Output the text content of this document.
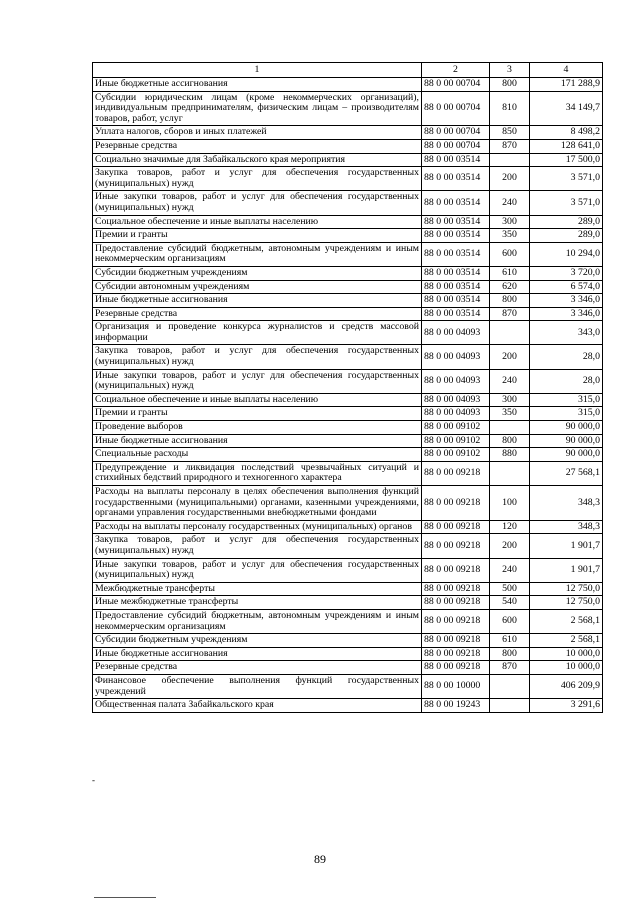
1	2	3	4
Иные бюджетные ассигнования	88 0 00 00704	800	171 288,9
Субсидии юридическим лицам (кроме некоммерческих организаций), индивидуальным предпринимателям, физическим лицам – производителям товаров, работ, услуг	88 0 00 00704	810	34 149,7
Уплата налогов, сборов и иных платежей	88 0 00 00704	850	8 498,2
Резервные средства	88 0 00 00704	870	128 641,0
Социально значимые для Забайкальского края мероприятия	88 0 00 03514		17 500,0
Закупка товаров, работ и услуг для обеспечения государственных (муниципальных) нужд	88 0 00 03514	200	3 571,0
Иные закупки товаров, работ и услуг для обеспечения государственных (муниципальных) нужд	88 0 00 03514	240	3 571,0
Социальное обеспечение и иные выплаты населению	88 0 00 03514	300	289,0
Премии и гранты	88 0 00 03514	350	289,0
Предоставление субсидий бюджетным, автономным учреждениям и иным некоммерческим организациям	88 0 00 03514	600	10 294,0
Субсидии бюджетным учреждениям	88 0 00 03514	610	3 720,0
Субсидии автономным учреждениям	88 0 00 03514	620	6 574,0
Иные бюджетные ассигнования	88 0 00 03514	800	3 346,0
Резервные средства	88 0 00 03514	870	3 346,0
Организация и проведение конкурса журналистов и средств массовой информации	88 0 00 04093		343,0
Закупка товаров, работ и услуг для обеспечения государственных (муниципальных) нужд	88 0 00 04093	200	28,0
Иные закупки товаров, работ и услуг для обеспечения государственных (муниципальных) нужд	88 0 00 04093	240	28,0
Социальное обеспечение и иные выплаты населению	88 0 00 04093	300	315,0
Премии и гранты	88 0 00 04093	350	315,0
Проведение выборов	88 0 00 09102		90 000,0
Иные бюджетные ассигнования	88 0 00 09102	800	90 000,0
Специальные расходы	88 0 00 09102	880	90 000,0
Предупреждение и ликвидация последствий чрезвычайных ситуаций и стихийных бедствий природного и техногенного характера	88 0 00 09218		27 568,1
Расходы на выплаты персоналу в целях обеспечения выполнения функций государственными (муниципальными) органами, казенными учреждениями, органами управления государственными внебюджетными фондами	88 0 00 09218	100	348,3
Расходы на выплаты персоналу государственных (муниципальных) органов	88 0 00 09218	120	348,3
Закупка товаров, работ и услуг для обеспечения государственных (муниципальных) нужд	88 0 00 09218	200	1 901,7
Иные закупки товаров, работ и услуг для обеспечения государственных (муниципальных) нужд	88 0 00 09218	240	1 901,7
Межбюджетные трансферты	88 0 00 09218	500	12 750,0
Иные межбюджетные трансферты	88 0 00 09218	540	12 750,0
Предоставление субсидий бюджетным, автономным учреждениям и иным некоммерческим организациям	88 0 00 09218	600	2 568,1
Субсидии бюджетным учреждениям	88 0 00 09218	610	2 568,1
Иные бюджетные ассигнования	88 0 00 09218	800	10 000,0
Резервные средства	88 0 00 09218	870	10 000,0
Финансовое обеспечение выполнения функций государственных учреждений	88 0 00 10000		406 209,9
Общественная палата Забайкальского края	88 0 00 19243		3 291,6
-
89
